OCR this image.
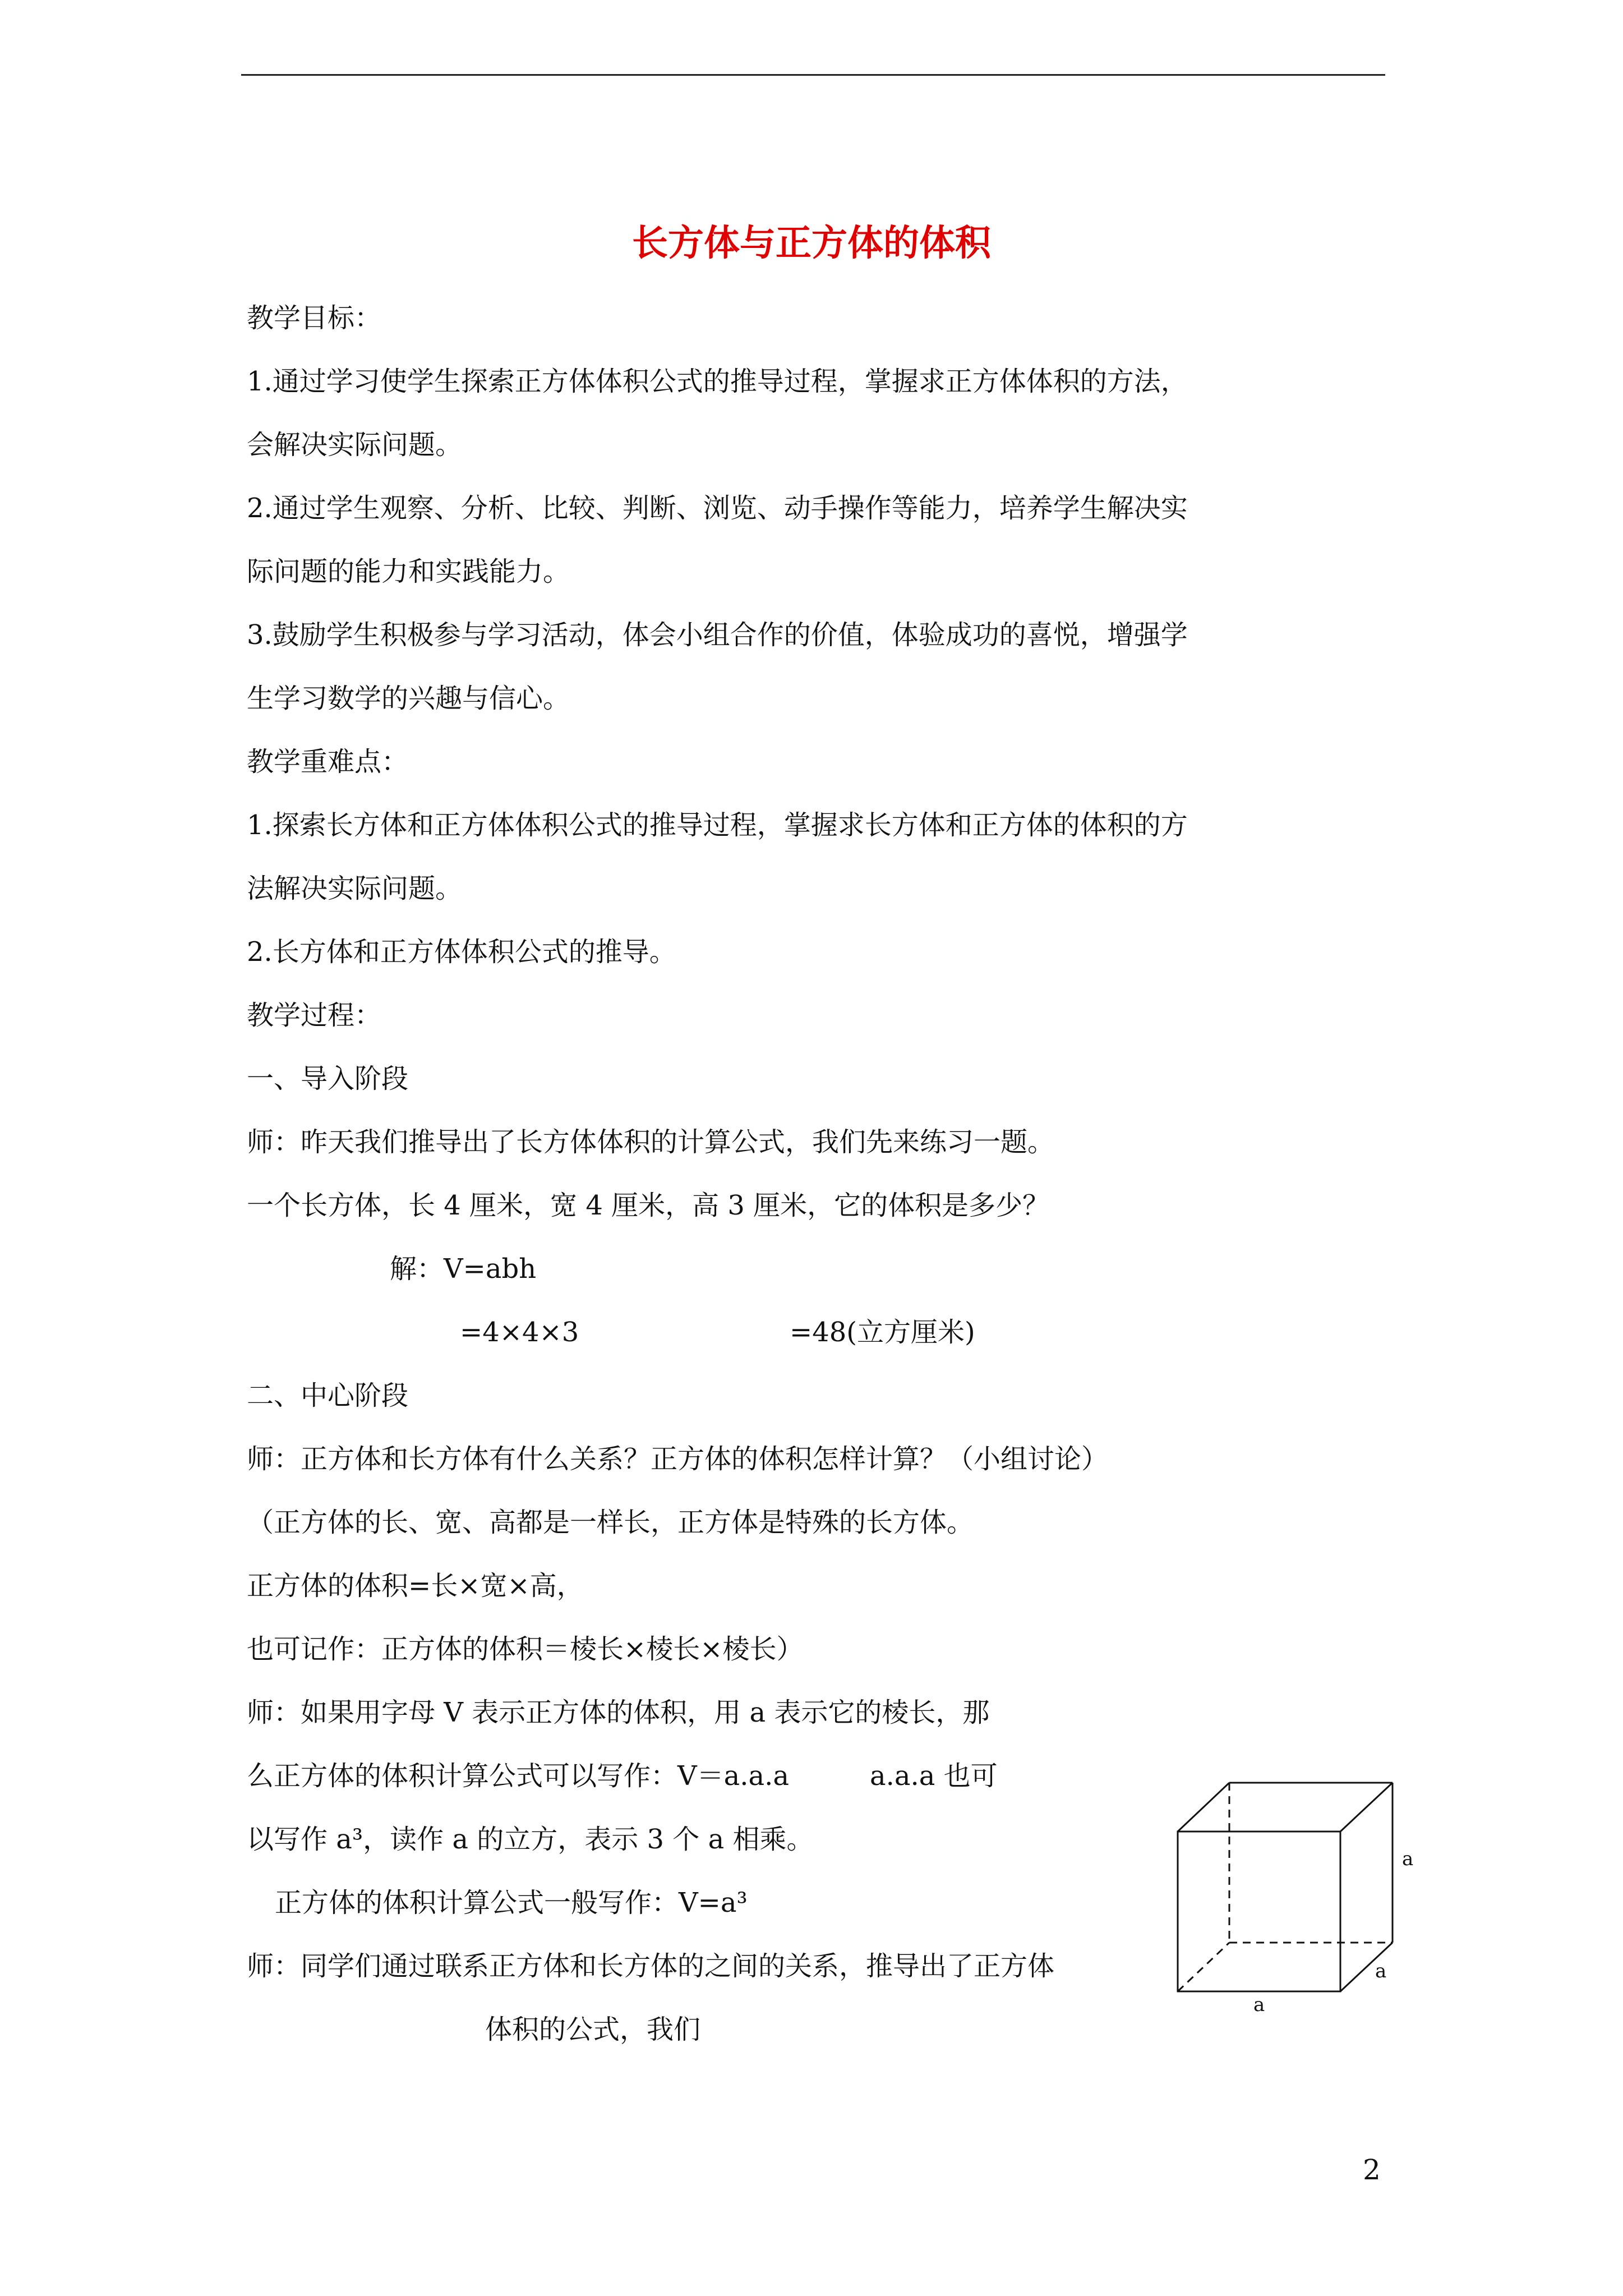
长方体与正方体的体积

教学目标：

1.通过学习使学生探索正方体体积公式的推导过程，掌握求正方体体积的方法，

会解决实际问题。

2.通过学生观察、分析、比较、判断、浏览、动手操作等能力，培养学生解决实

际问题的能力和实践能力。

3.鼓励学生积极参与学习活动，体会小组合作的价值，体验成功的喜悦，增强学

生学习数学的兴趣与信心。

教学重难点：

1.探索长方体和正方体体积公式的推导过程，掌握求长方体和正方体的体积的方

法解决实际问题。

2.长方体和正方体体积公式的推导。

教学过程：

一、导入阶段

师：昨天我们推导出了长方体体积的计算公式，我们先来练习一题。

一个长方体，长 4 厘米，宽 4 厘米，高 3 厘米，它的体积是多少？

解：V=abh

=4×4×3	=48(立方厘米)

二、中心阶段

师：正方体和长方体有什么关系？正方体的体积怎样计算？（小组讨论）

（正方体的长、宽、高都是一样长，正方体是特殊的长方体。

正方体的体积=长×宽×高，

也可记作：正方体的体积＝棱长×棱长×棱长）

师：如果用字母 V 表示正方体的体积，用 a 表示它的棱长，那

么正方体的体积计算公式可以写作：V＝a.a.a　　　a.a.a 也可

以写作 a³，读作 a 的立方，表示 3 个 a 相乘。

正方体的体积计算公式一般写作：V=a³

师：同学们通过联系正方体和长方体的之间的关系，推导出了正方体

体积的公式，我们

a
a
a
2
